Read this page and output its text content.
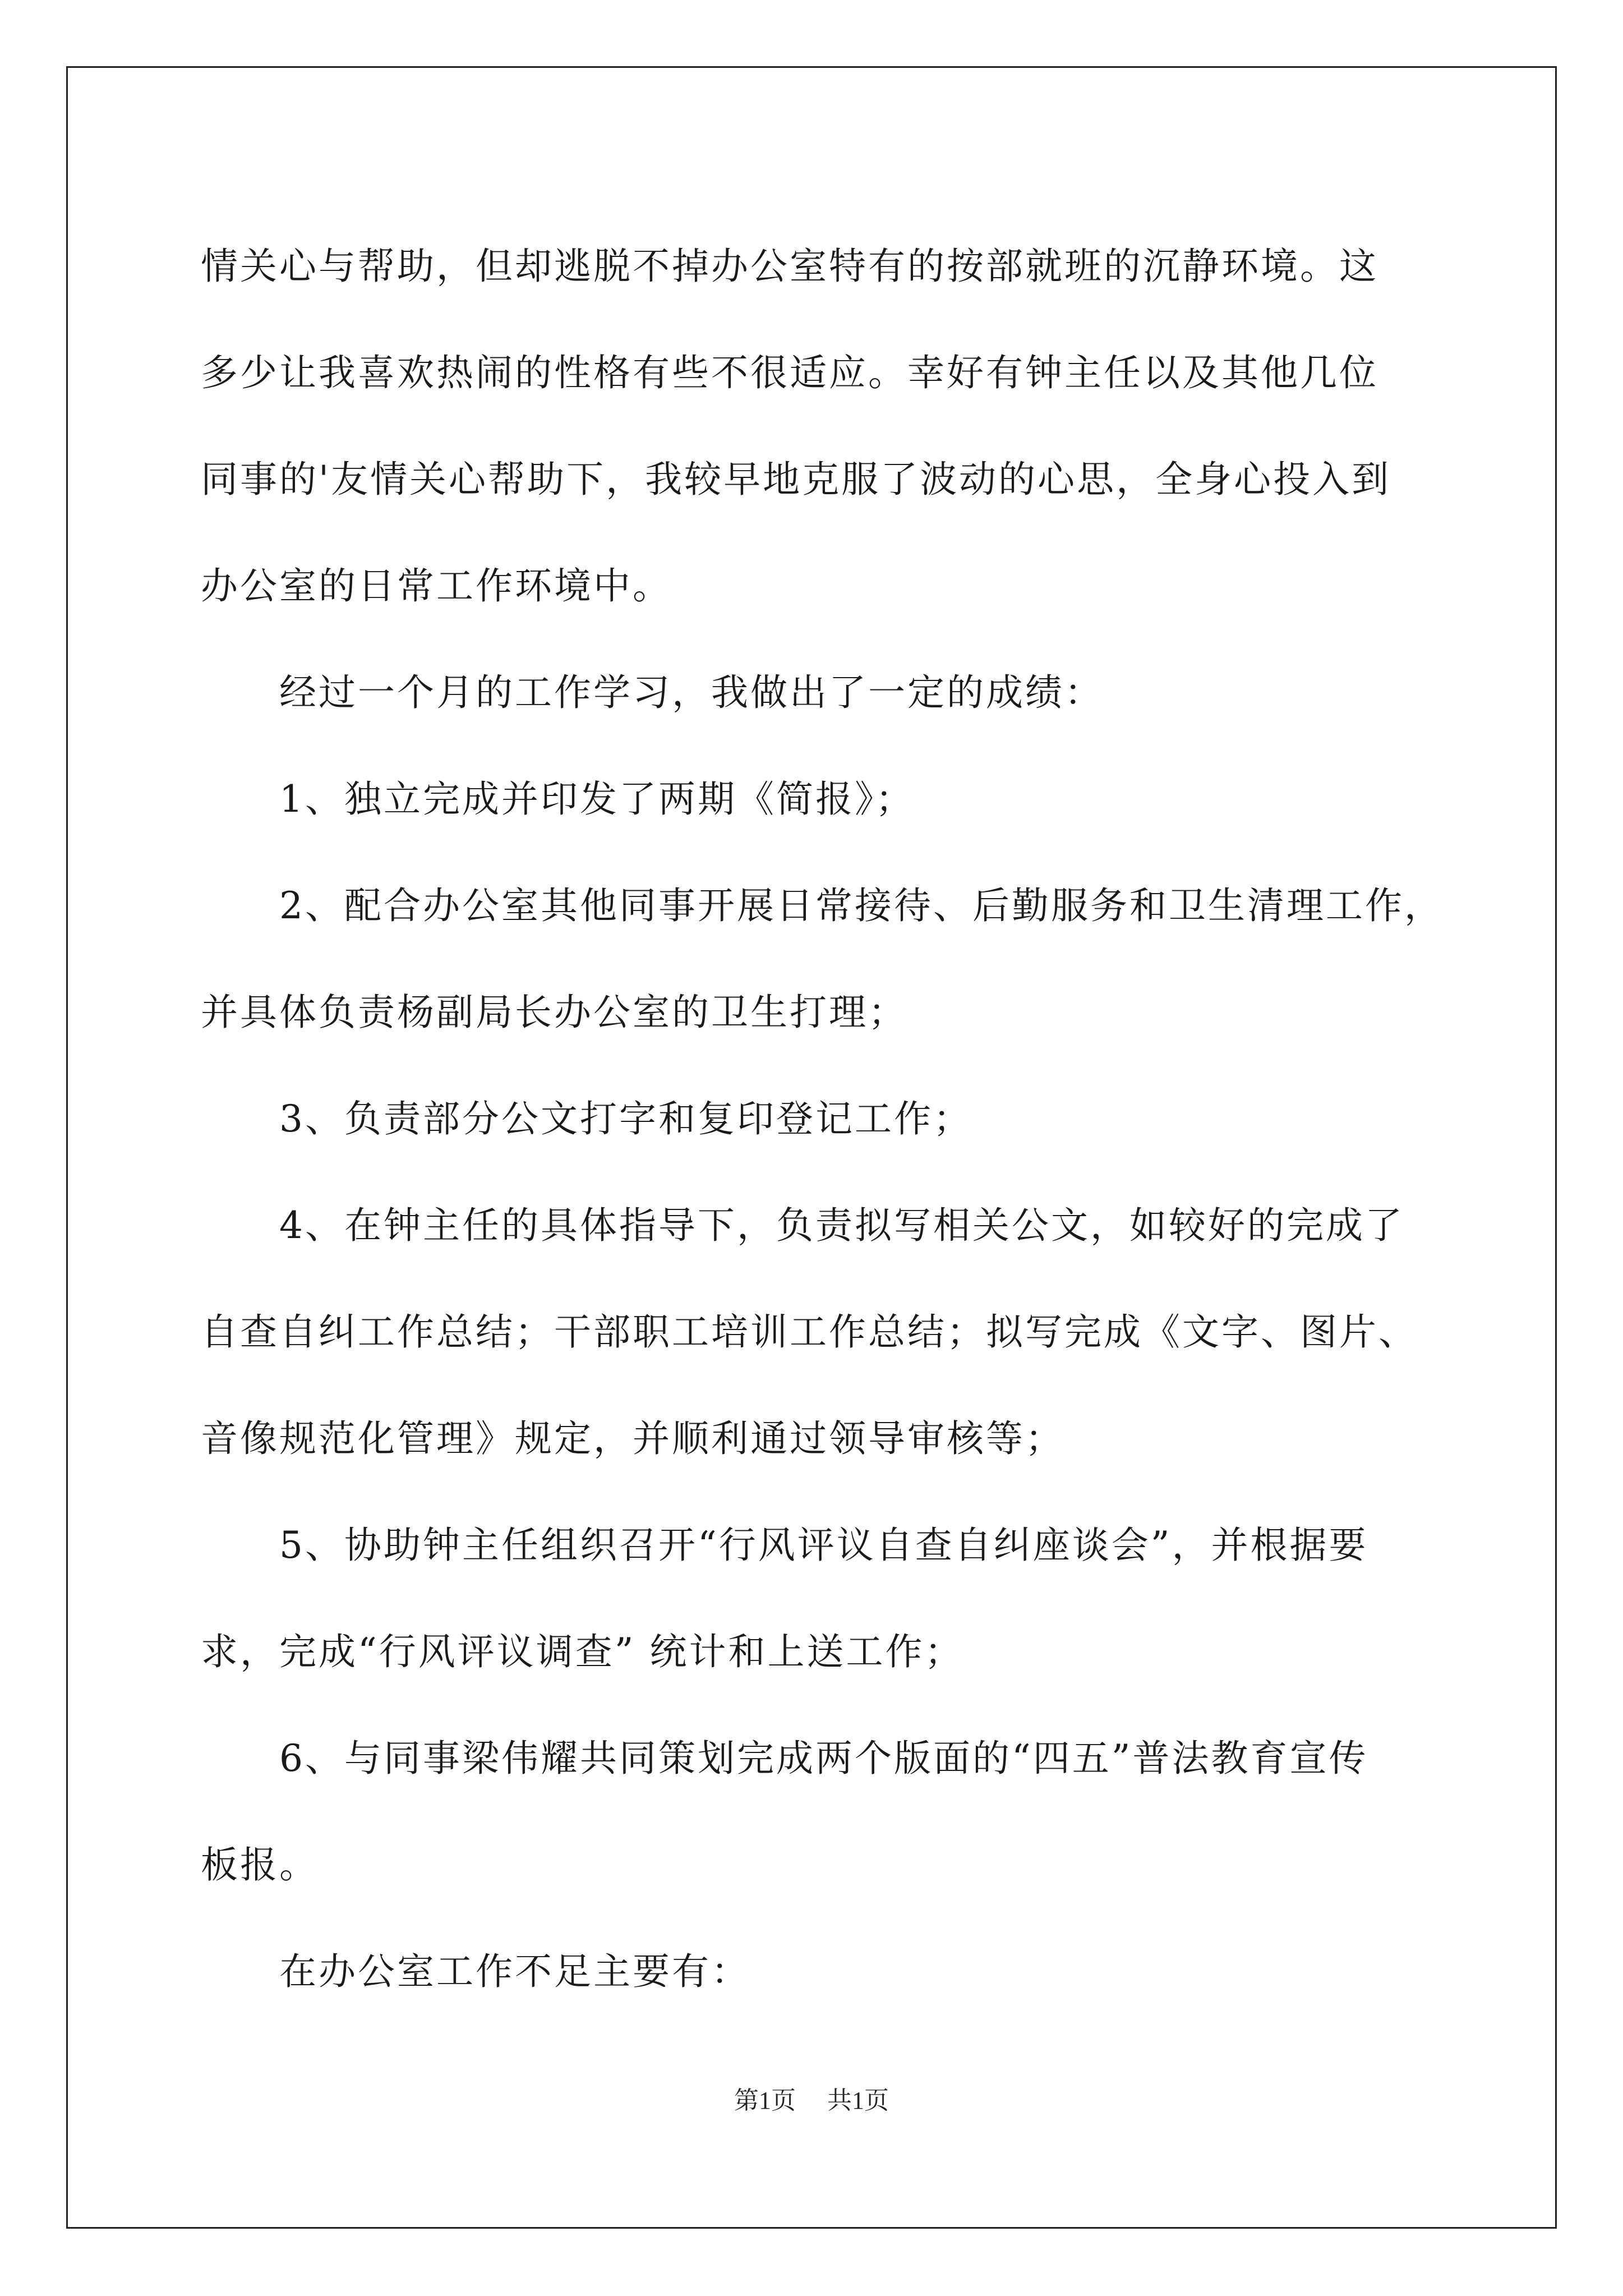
情关心与帮助，但却逃脱不掉办公室特有的按部就班的沉静环境。这
多少让我喜欢热闹的性格有些不很适应。幸好有钟主任以及其他几位
同事的'友情关心帮助下，我较早地克服了波动的心思，全身心投入到
办公室的日常工作环境中。
经过一个月的工作学习，我做出了一定的成绩：
1、独立完成并印发了两期《简报》；
2、配合办公室其他同事开展日常接待、后勤服务和卫生清理工作，
并具体负责杨副局长办公室的卫生打理；
3、负责部分公文打字和复印登记工作；
4、在钟主任的具体指导下，负责拟写相关公文，如较好的完成了
自查自纠工作总结；干部职工培训工作总结；拟写完成《文字、图片、
音像规范化管理》规定，并顺利通过领导审核等；
5、协助钟主任组织召开“行风评议自查自纠座谈会”，并根据要
求，完成“行风评议调查” 统计和上送工作；
6、与同事梁伟耀共同策划完成两个版面的“四五”普法教育宣传
板报。
在办公室工作不足主要有：
第1页 共1页
